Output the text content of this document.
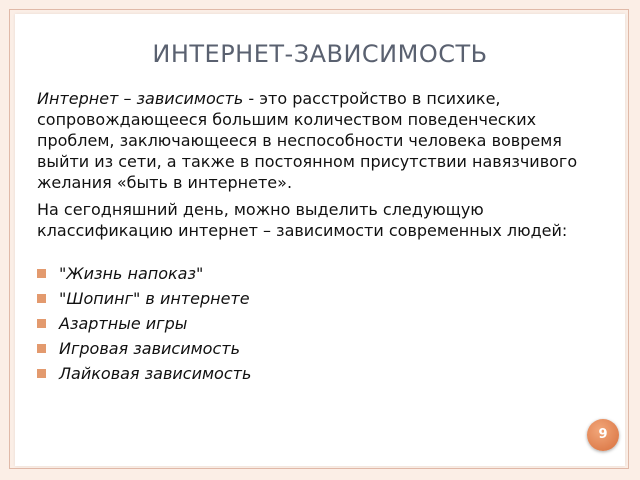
ИНТЕРНЕТ-ЗАВИСИМОСТЬ

Интернет – зависимость - это расстройство в психике, сопровождающееся большим количеством поведенческих проблем, заключающееся в неспособности человека вовремя выйти из сети, а также в постоянном присутствии навязчивого желания «быть в интернете».

На сегодняшний день, можно выделить следующую классификацию интернет – зависимости современных людей:

"Жизнь напоказ"
"Шопинг" в интернете
Азартные игры
Игровая зависимость
Лайковая зависимость
9
